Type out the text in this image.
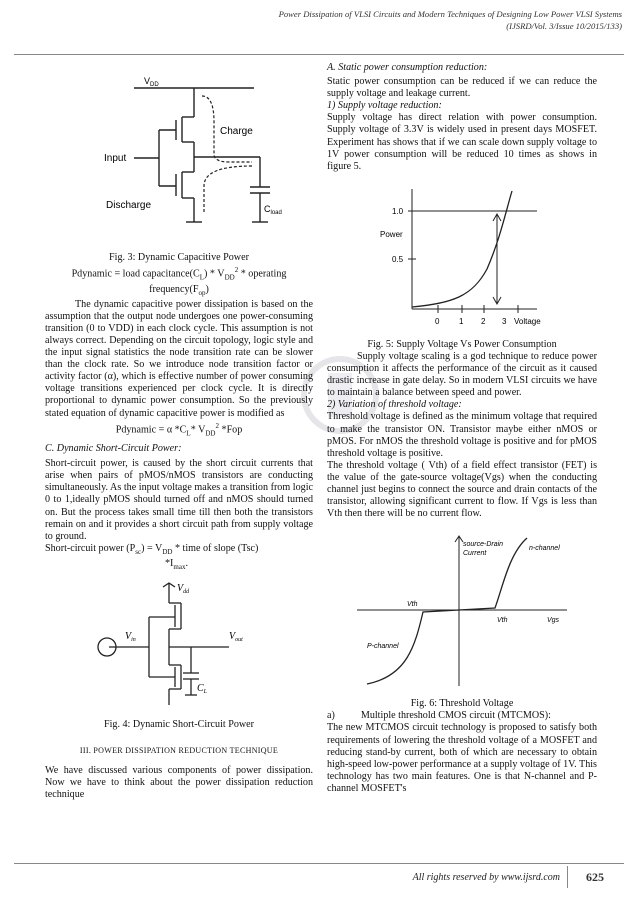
Power Dissipation of VLSI Circuits and Modern Techniques of Designing Low Power VLSI Systems
(IJSRD/Vol. 3/Issue 10/2015/133)
$V_{DD}$
Charge
Input
Discharge	$C_{load}$

Fig. 3: Dynamic Capacitive Power

Pdynamic = load $capacitance(C_L) * V_{DD}^2$ * operating
$frequency(F_{op})$

The dynamic capacitive power dissipation is based on the assumption that the output node undergoes one power-consuming transition (0 to VDD) in each clock cycle. This assumption is not always correct. Depending on the circuit topology, logic style and the input signal statistics the node transition rate can be slower than the clock rate. So we introduce node transition factor or activity factor (α), which is effective number of power consuming voltage transitions experienced per clock cycle. It is directly proportional to dynamic power consumption. So the previously stated equation of dynamic capacitive power is modified as

Pdynamic = α $*C_L*$ $V_{DD}^2$ *Fop

C. Dynamic Short-Circuit Power:

Short-circuit power, is caused by the short circuit currents that arise when pairs of pMOS/nMOS transistors are conducting simultaneously. As the input voltage makes a transition from logic 0 to 1,ideally pMOS should turned off and nMOS should turned on. But the process takes small time till then both the transistors remain on and it provides a short circuit path from supply voltage to ground.

Short-circuit power $(P_{sc}) = V_{DD}$ * time of slope (Tsc)
$*I_{max}$.

$V_{dd}$
$V_{in}$	$V_{out}$
$C_L$

Fig. 4: Dynamic Short-Circuit Power

III. POWER DISSIPATION REDUCTION TECHNIQUE

We have discussed various components of power dissipation. Now we have to think about the power dissipation reduction technique

A. Static power consumption reduction:

Static power consumption can be reduced if we can reduce the supply voltage and leakage current.

1) Supply voltage reduction:

Supply voltage has direct relation with power consumption. Supply voltage of 3.3V is widely used in present days MOSFET. Experiment has shows that if we can scale down supply voltage to 1V power consumption will be reduced 10 times as shows in figure 5.

1.0
Power
0.5
0 1 2 3 Voltage

Fig. 5: Supply Voltage Vs Power Consumption

Supply voltage scaling is a god technique to reduce power consumption it affects the performance of the circuit as it caused drastic increase in gate delay. So in modern VLSI circuits we have to maintain a balance between speed and power.

2) Variation of threshold voltage:

Threshold voltage is defined as the minimum voltage that required to make the transistor ON. Transistor maybe either nMOS or pMOS. For nMOS the threshold voltage is positive and for pMOS threshold voltage is positive.

The threshold voltage ( Vth) of a field effect transistor (FET) is the value of the gate-source voltage(Vgs) when the conducting channel just begins to connect the source and drain contacts of the transistor, allowing significant current to flow. If Vgs is less than Vth then there will be no current flow.

source-Drain
Current
n-channel
P-channel
Vth
Vth	Vgs

Fig. 6: Threshold Voltage

a)	Multiple threshold CMOS circuit (MTCMOS):

The new MTCMOS circuit technology is proposed to satisfy both requirements of lowering the threshold voltage of a MOSFET and reducing stand-by current, both of which are necessary to obtain high-speed low-power performance at a supply voltage of 1V. This technology has two main features. One is that N-channel and P-channel MOSFET's

All rights reserved by www.ijsrd.com	625
